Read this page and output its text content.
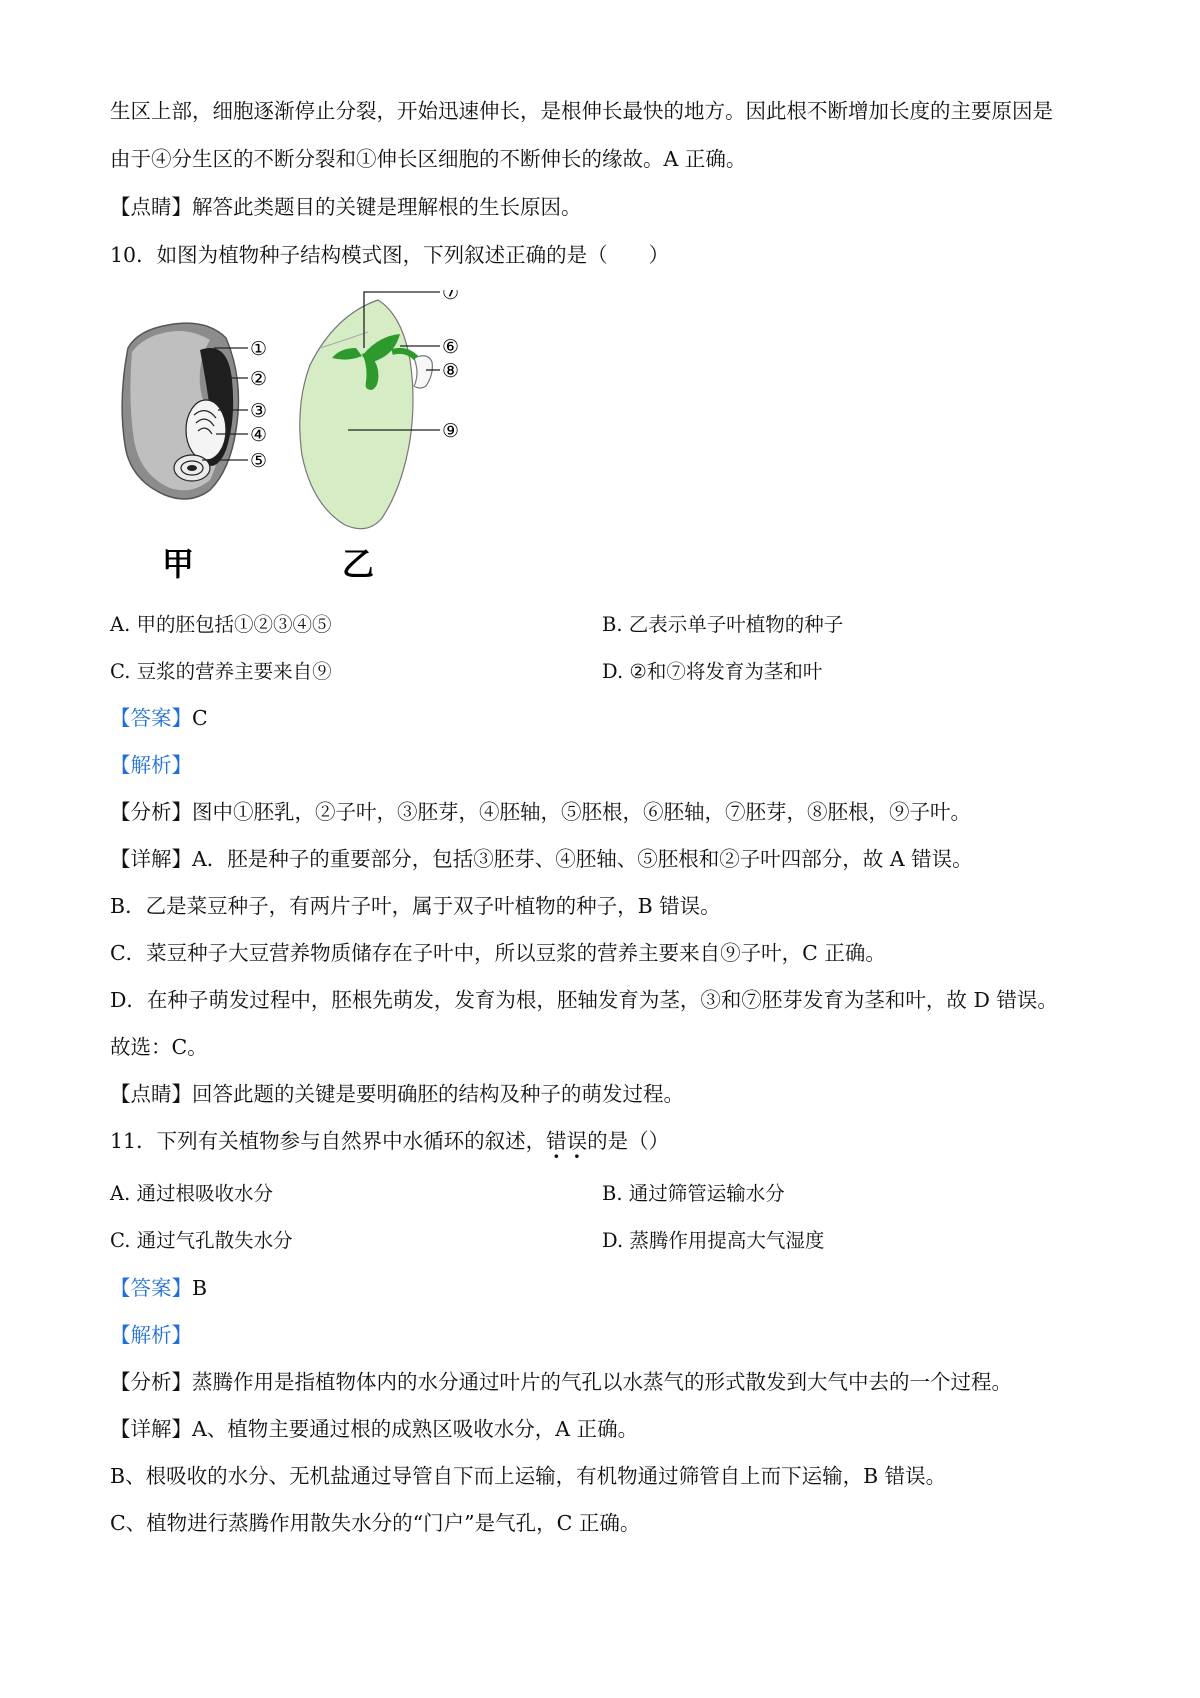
生区上部，细胞逐渐停止分裂，开始迅速伸长，是根伸长最快的地方。因此根不断增加长度的主要原因是
由于④分生区的不断分裂和①伸长区细胞的不断伸长的缘故。A 正确。
【点睛】解答此类题目的关键是理解根的生长原因。
10．如图为植物种子结构模式图，下列叙述正确的是（　　）
①
②
③
④
⑤
甲
⑦
⑥
⑧
⑨
乙
A. 甲的胚包括①②③④⑤	B. 乙表示单子叶植物的种子
C. 豆浆的营养主要来自⑨	D. ②和⑦将发育为茎和叶
【答案】C
【解析】
【分析】图中①胚乳，②子叶，③胚芽，④胚轴，⑤胚根，⑥胚轴，⑦胚芽，⑧胚根，⑨子叶。
【详解】A．胚是种子的重要部分，包括③胚芽、④胚轴、⑤胚根和②子叶四部分，故 A 错误。
B．乙是菜豆种子，有两片子叶，属于双子叶植物的种子，B 错误。
C．菜豆种子大豆营养物质储存在子叶中，所以豆浆的营养主要来自⑨子叶，C 正确。
D．在种子萌发过程中，胚根先萌发，发育为根，胚轴发育为茎，③和⑦胚芽发育为茎和叶，故 D 错误。
故选：C。
【点睛】回答此题的关键是要明确胚的结构及种子的萌发过程。
11．下列有关植物参与自然界中水循环的叙述，错误的是（）
A. 通过根吸收水分	B. 通过筛管运输水分
C. 通过气孔散失水分	D. 蒸腾作用提高大气湿度
【答案】B
【解析】
【分析】蒸腾作用是指植物体内的水分通过叶片的气孔以水蒸气的形式散发到大气中去的一个过程。
【详解】A、植物主要通过根的成熟区吸收水分，A 正确。
B、根吸收的水分、无机盐通过导管自下而上运输，有机物通过筛管自上而下运输，B 错误。
C、植物进行蒸腾作用散失水分的“门户”是气孔，C 正确。
